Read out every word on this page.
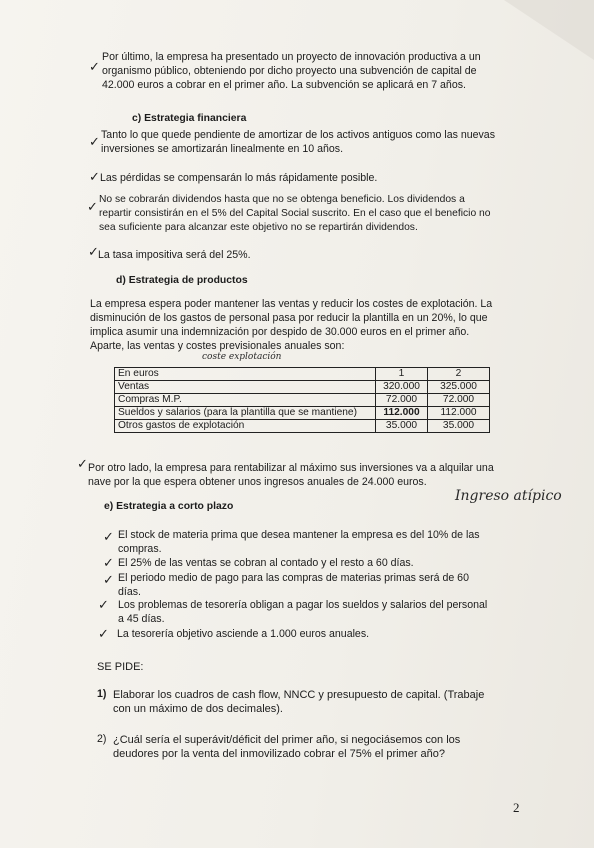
✓

Por último, la empresa ha presentado un proyecto de innovación productiva a un
organismo público, obteniendo por dicho proyecto una subvención de capital de
42.000 euros a cobrar en el primer año. La subvención se aplicará en 7 años.

c) Estrategia financiera
✓ Tanto lo que quede pendiente de amortizar de los activos antiguos como las nuevas
inversiones se amortizarán linealmente en 10 años.

✓ Las pérdidas se compensarán lo más rápidamente posible.

✓

No se cobrarán dividendos hasta que no se obtenga beneficio. Los dividendos a
repartir consistirán en el 5% del Capital Social suscrito. En el caso que el beneficio no
sea suficiente para alcanzar este objetivo no se repartirán dividendos.

✓ La tasa impositiva será del 25%.

d) Estrategia de productos

La empresa espera poder mantener las ventas y reducir los costes de explotación. La
disminución de los gastos de personal pasa por reducir la plantilla en un 20%, lo que
implica asumir una indemnización por despido de 30.000 euros en el primer año.
Aparte, las ventas y costes previsionales anuales son:

coste explotación
En euros	1	2
Ventas	320.000	325.000
Compras M.P.	72.000	72.000
Sueldos y salarios (para la plantilla que se mantiene)	112.000	112.000
Otros gastos de explotación	35.000	35.000
✓ Por otro lado, la empresa para rentabilizar al máximo sus inversiones va a alquilar una
nave por la que espera obtener unos ingresos anuales de 24.000 euros.

Ingreso atípico
e) Estrategia a corto plazo
✓ El stock de materia prima que desea mantener la empresa es del 10% de las
compras.

✓ El 25% de las ventas se cobran al contado y el resto a 60 días.

✓ El periodo medio de pago para las compras de materias primas será de 60
días.

✓ Los problemas de tesorería obligan a pagar los sueldos y salarios del personal
a 45 días.

✓ La tesorería objetivo asciende a 1.000 euros anuales.

SE PIDE:

1) Elaborar los cuadros de cash flow, NNCC y presupuesto de capital. (Trabaje
con un máximo de dos decimales).

2) ¿Cuál sería el superávit/déficit del primer año, si negociásemos con los
deudores por la venta del inmovilizado cobrar el 75% el primer año?

2
